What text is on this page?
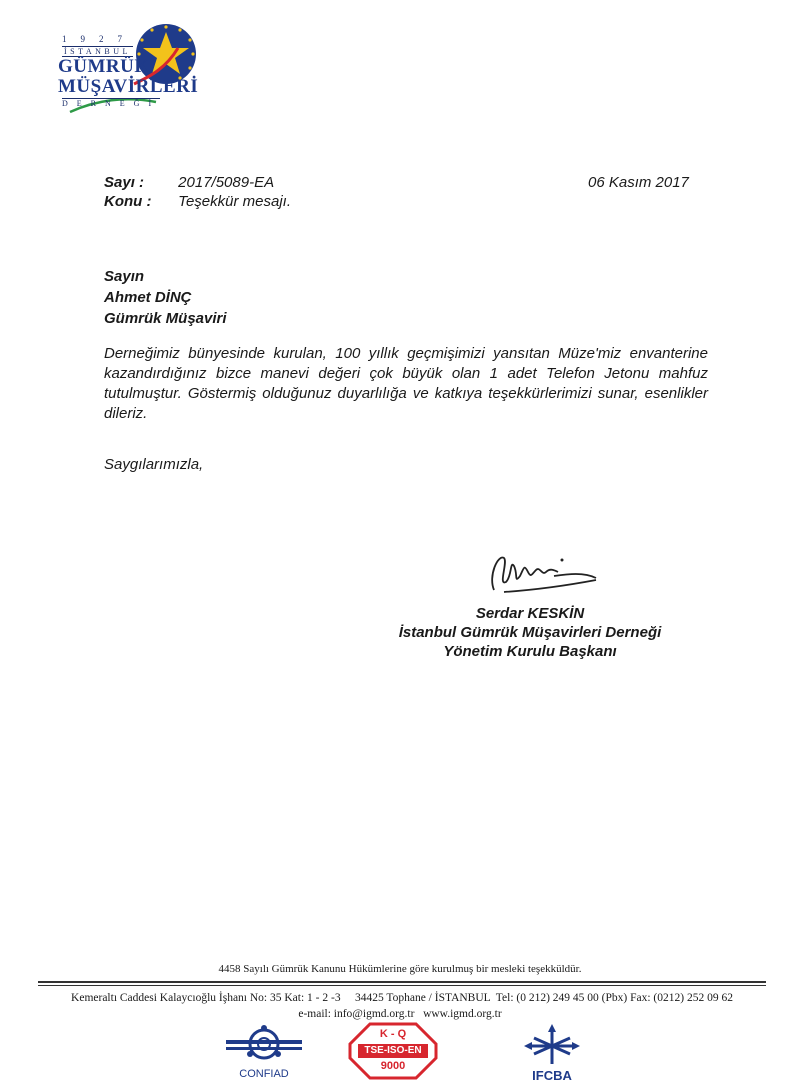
1927
İSTANBUL
GÜMRÜK
MÜŞAVİRLERİ
DERNEĞİ
Sayı : 2017/5089-EA
Konu : Teşekkür mesajı.
06 Kasım 2017
Sayın
Ahmet DİNÇ
Gümrük Müşaviri
Derneğimiz bünyesinde kurulan, 100 yıllık geçmişimizi yansıtan Müze'miz envanterine kazandırdığınız bizce manevi değeri çok büyük olan 1 adet Telefon Jetonu mahfuz tutulmuştur. Göstermiş olduğunuz duyarlılığa ve katkıya teşekkürlerimizi sunar, esenlikler dileriz.
Saygılarımızla,
Serdar KESKİN
İstanbul Gümrük Müşavirleri Derneği
Yönetim Kurulu Başkanı
4458 Sayılı Gümrük Kanunu Hükümlerine göre kurulmuş bir mesleki teşekküldür.
Kemeraltı Caddesi Kalaycıoğlu İşhanı No: 35 Kat: 1 - 2 -3     34425 Tophane / İSTANBUL  Tel: (0 212) 249 45 00 (Pbx) Fax: (0212) 252 09 62
e-mail: info@igmd.org.tr   www.igmd.org.tr
CONFIAD
K - Q
TSE-ISO-EN
9000
IFCBA
